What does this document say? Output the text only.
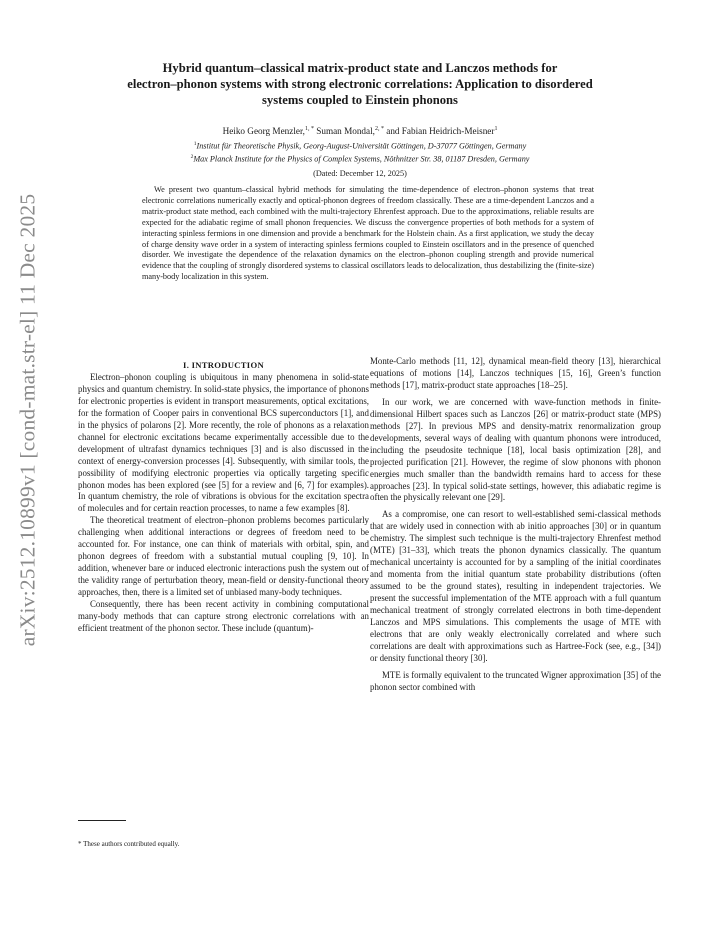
arXiv:2512.10899v1 [cond-mat.str-el] 11 Dec 2025
Hybrid quantum–classical matrix-product state and Lanczos methods for
electron–phonon systems with strong electronic correlations: Application to disordered
systems coupled to Einstein phonons
Heiko Georg Menzler,$^{1, *}$ Suman Mondal,$^{2, *}$ and Fabian Heidrich-Meisner$^1$
$^1$Institut für Theoretische Physik, Georg-August-Universität Göttingen, D-37077 Göttingen, Germany
$^2$Max Planck Institute for the Physics of Complex Systems, Nöthnitzer Str. 38, 01187 Dresden, Germany
(Dated: December 12, 2025)
We present two quantum–classical hybrid methods for simulating the time-dependence of electron–phonon systems that treat electronic correlations numerically exactly and optical-phonon degrees of freedom classically. These are a time-dependent Lanczos and a matrix-product state method, each combined with the multi-trajectory Ehrenfest approach. Due to the approximations, reliable results are expected for the adiabatic regime of small phonon frequencies. We discuss the convergence properties of both methods for a system of interacting spinless fermions in one dimension and provide a benchmark for the Holstein chain. As a first application, we study the decay of charge density wave order in a system of interacting spinless fermions coupled to Einstein oscillators and in the presence of quenched disorder. We investigate the dependence of the relaxation dynamics on the electron–phonon coupling strength and provide numerical evidence that the coupling of strongly disordered systems to classical oscillators leads to delocalization, thus destabilizing the (finite-size) many-body localization in this system.

I. INTRODUCTION

Electron–phonon coupling is ubiquitous in many phenomena in solid-state physics and quantum chemistry. In solid-state physics, the importance of phonons for electronic properties is evident in transport measurements, optical excitations, for the formation of Cooper pairs in conventional BCS superconductors [1], and in the physics of polarons [2]. More recently, the role of phonons as a relaxation channel for electronic excitations became experimentally accessible due to the development of ultrafast dynamics techniques [3] and is also discussed in the context of energy-conversion processes [4]. Subsequently, with similar tools, the possibility of modifying electronic properties via optically targeting specific phonon modes has been explored (see [5] for a review and [6, 7] for examples). In quantum chemistry, the role of vibrations is obvious for the excitation spectra of molecules and for certain reaction processes, to name a few examples [8].

The theoretical treatment of electron–phonon problems becomes particularly challenging when additional interactions or degrees of freedom need to be accounted for. For instance, one can think of materials with orbital, spin, and phonon degrees of freedom with a substantial mutual coupling [9, 10]. In addition, whenever bare or induced electronic interactions push the system out of the validity range of perturbation theory, mean-field or density-functional theory approaches, then, there is a limited set of unbiased many-body techniques.

Consequently, there has been recent activity in combining computational many-body methods that can capture strong electronic correlations with an efficient treatment of the phonon sector. These include (quantum)-

Monte-Carlo methods [11, 12], dynamical mean-field theory [13], hierarchical equations of motions [14], Lanczos techniques [15, 16], Green’s function methods [17], matrix-product state approaches [18–25].

In our work, we are concerned with wave-function methods in finite-dimensional Hilbert spaces such as Lanczos [26] or matrix-product state (MPS) methods [27]. In previous MPS and density-matrix renormalization group developments, several ways of dealing with quantum phonons were introduced, including the pseudosite technique [18], local basis optimization [28], and projected purification [21]. However, the regime of slow phonons with phonon energies much smaller than the bandwidth remains hard to access for these approaches [23]. In typical solid-state settings, however, this adiabatic regime is often the physically relevant one [29].

As a compromise, one can resort to well-established semi-classical methods that are widely used in connection with ab initio approaches [30] or in quantum chemistry. The simplest such technique is the multi-trajectory Ehrenfest method (MTE) [31–33], which treats the phonon dynamics classically. The quantum mechanical uncertainty is accounted for by a sampling of the initial coordinates and momenta from the initial quantum state probability distributions (often assumed to be the ground states), resulting in independent trajectories. We present the successful implementation of the MTE approach with a full quantum mechanical treatment of strongly correlated electrons in both time-dependent Lanczos and MPS simulations. This complements the usage of MTE with electrons that are only weakly electronically correlated and where such correlations are dealt with approximations such as Hartree-Fock (see, e.g., [34]) or density functional theory [30].

MTE is formally equivalent to the truncated Wigner approximation [35] of the phonon sector combined with

* These authors contributed equally.
